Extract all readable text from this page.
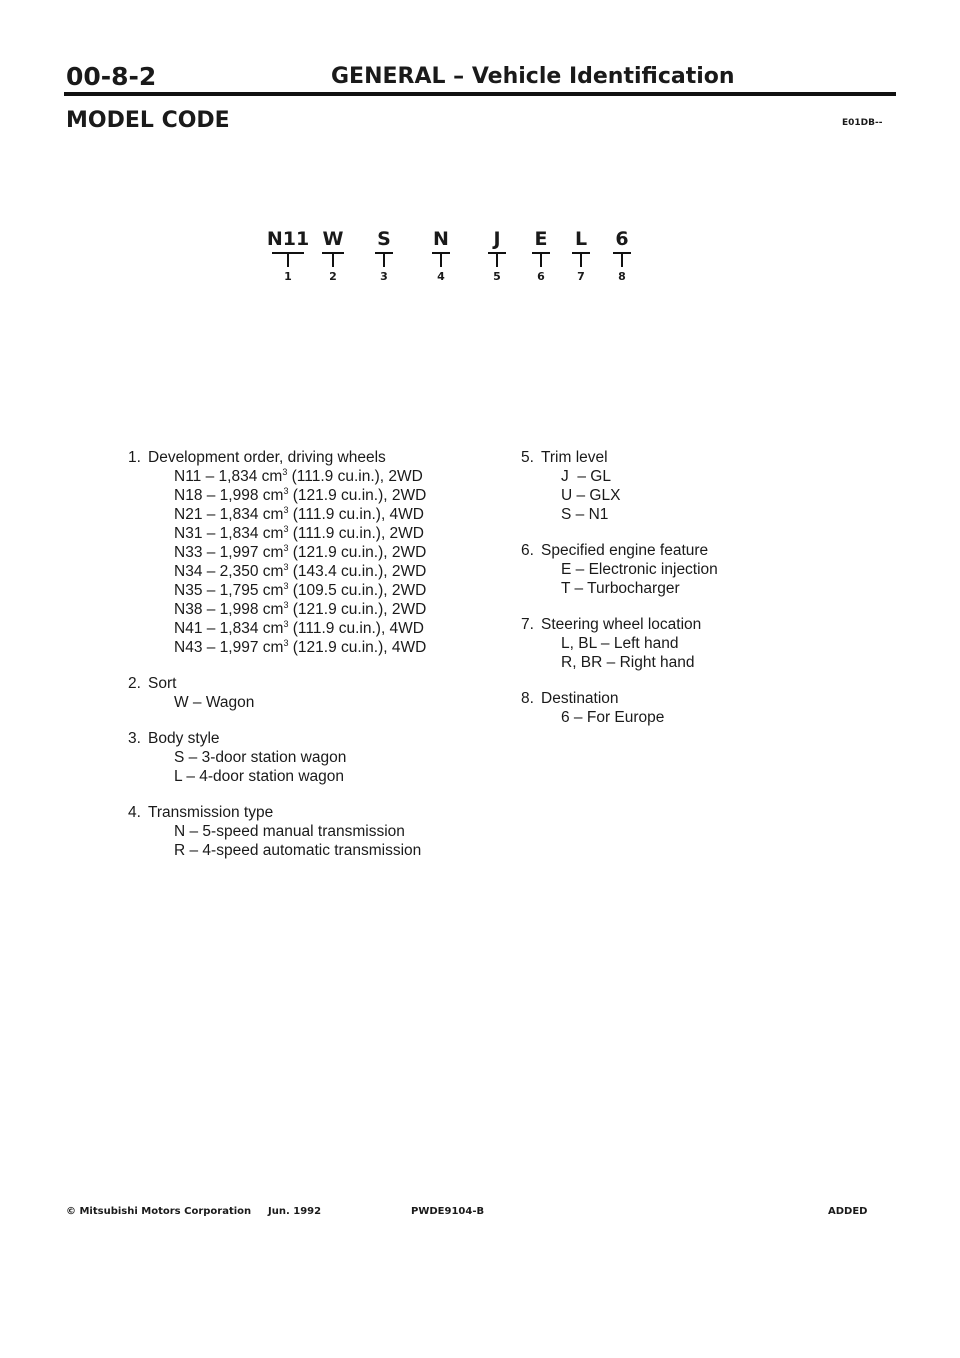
00-8-2	GENERAL – Vehicle Identification
MODEL CODE	E01DB--
N11
1
W
2
S
3
N
4
J
5
E
6
L
7
6
8
1. Development order, driving wheels
N11 – 1,834 $cm^3$ (111.9 cu.in.), 2WD
N18 – 1,998 $cm^3$ (121.9 cu.in.), 2WD
N21 – 1,834 $cm^3$ (111.9 cu.in.), 4WD
N31 – 1,834 $cm^3$ (111.9 cu.in.), 2WD
N33 – 1,997 $cm^3$ (121.9 cu.in.), 2WD
N34 – 2,350 $cm^3$ (143.4 cu.in.), 2WD
N35 – 1,795 $cm^3$ (109.5 cu.in.), 2WD
N38 – 1,998 $cm^3$ (121.9 cu.in.), 2WD
N41 – 1,834 $cm^3$ (111.9 cu.in.), 4WD
N43 – 1,997 $cm^3$ (121.9 cu.in.), 4WD
2. Sort
W – Wagon
3. Body style
S – 3-door station wagon
L – 4-door station wagon
4. Transmission type
N – 5-speed manual transmission
R – 4-speed automatic transmission
5. Trim level
J  – GL
U – GLX
S – N1
6. Specified engine feature
E – Electronic injection
T – Turbocharger
7. Steering wheel location
L, BL – Left hand
R, BR – Right hand
8. Destination
6 – For Europe
© Mitsubishi Motors Corporation Jun. 1992	PWDE9104-B	ADDED
